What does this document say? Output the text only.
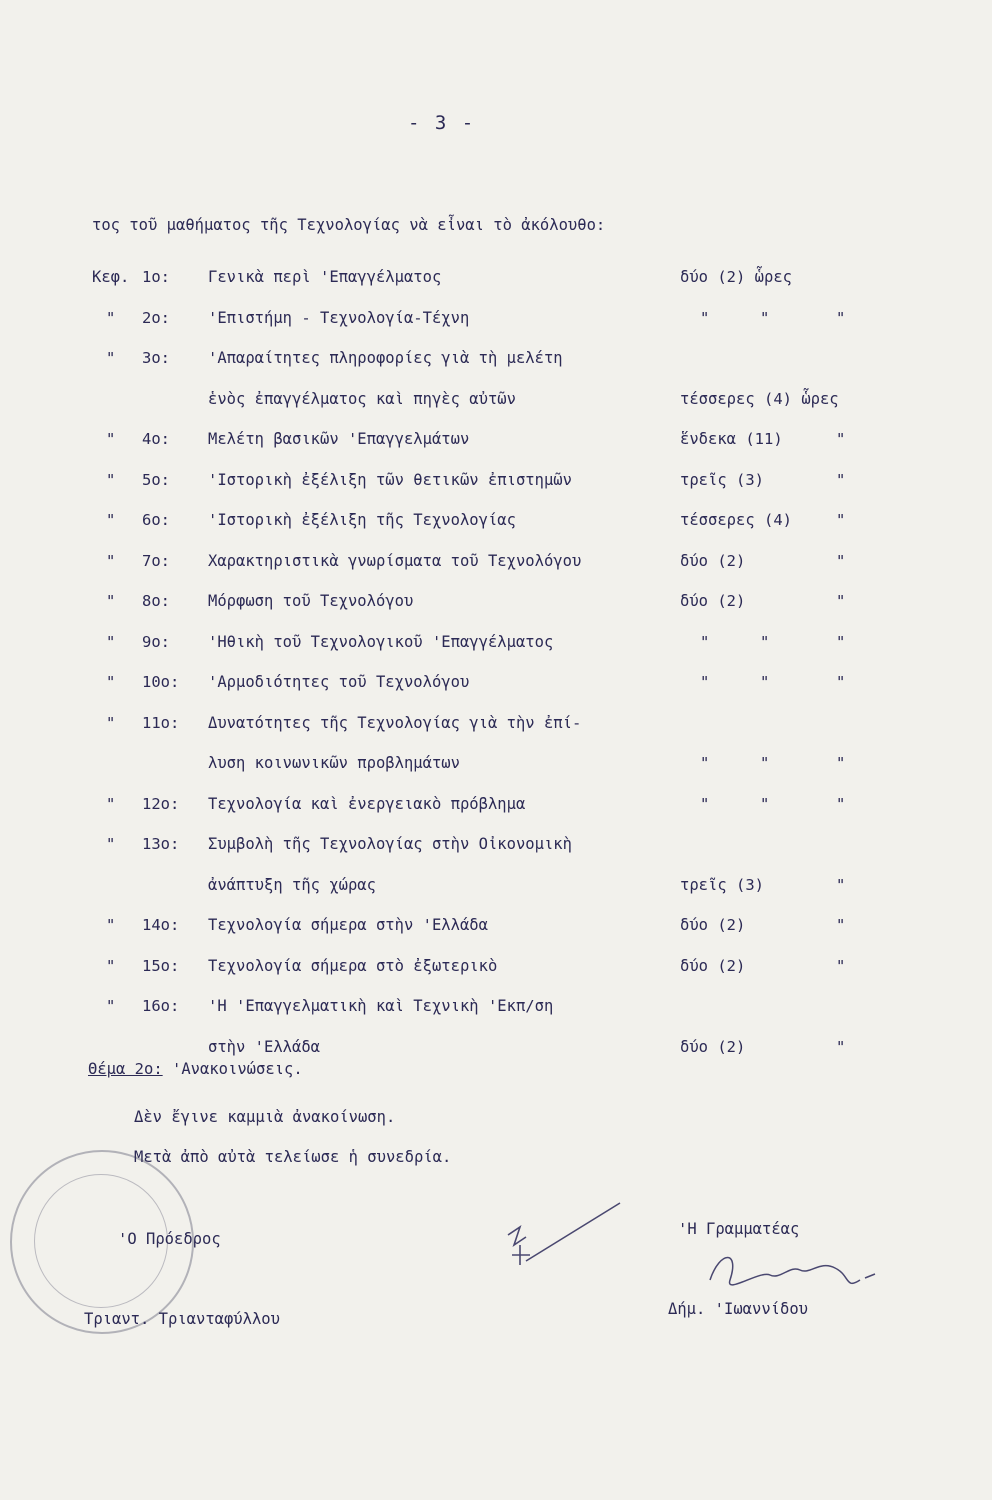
- 3 -
τος τοῦ μαθήματος τῆς Τεχνολογίας νὰ εἶναι τὸ ἀκόλουθο:
Κεφ. 1ο: Γενικὰ περὶ 'Επαγγέλματος	δύο (2) ὧρες
" 2ο: 'Επιστήμη - Τεχνολογία-Τέχνη	"	"	"
" 3ο: 'Απαραίτητες πληροφορίες γιὰ τὴ μελέτη
ἑνὸς ἐπαγγέλματος καὶ πηγὲς αὐτῶν	τέσσερες (4) ὧρες
" 4ο: Μελέτη βασικῶν 'Επαγγελμάτων	ἕνδεκα (11)	"
" 5ο: 'Ιστορικὴ ἐξέλιξη τῶν θετικῶν ἐπιστημῶν	τρεῖς (3)	"
" 6ο: 'Ιστορικὴ ἐξέλιξη τῆς Τεχνολογίας	τέσσερες (4)	"
" 7ο: Χαρακτηριστικὰ γνωρίσματα τοῦ Τεχνολόγου	δύο (2)	"
" 8ο: Μόρφωση τοῦ Τεχνολόγου	δύο (2)	"
" 9ο: 'Ηθικὴ τοῦ Τεχνολογικοῦ 'Επαγγέλματος	"	"	"
" 10ο: 'Αρμοδιότητες τοῦ Τεχνολόγου	"	"	"
" 11ο: Δυνατότητες τῆς Τεχνολογίας γιὰ τὴν ἐπί-
λυση κοινωνικῶν προβλημάτων	"	"	"
" 12ο: Τεχνολογία καὶ ἐνεργειακὸ πρόβλημα	"	"	"
" 13ο: Συμβολὴ τῆς Τεχνολογίας στὴν Οἰκονομικὴ
ἀνάπτυξη τῆς χώρας	τρεῖς (3)	"
" 14ο: Τεχνολογία σήμερα στὴν 'Ελλάδα	δύο (2)	"
" 15ο: Τεχνολογία σήμερα στὸ ἐξωτερικὸ	δύο (2)	"
" 16ο: 'Η 'Επαγγελματικὴ καὶ Τεχνικὴ 'Εκπ/ση
στὴν 'Ελλάδα	δύο (2)	"
Θέμα 2ο: 'Ανακοινώσεις.
Δὲν ἔγινε καμμιὰ ἀνακοίνωση.
Μετὰ ἀπὸ αὐτὰ τελείωσε ἡ συνεδρία.
'Ο Πρόεδρος
Τριαντ. Τριανταφύλλου
'Η Γραμματέας
Δήμ. 'Ιωαννίδου
